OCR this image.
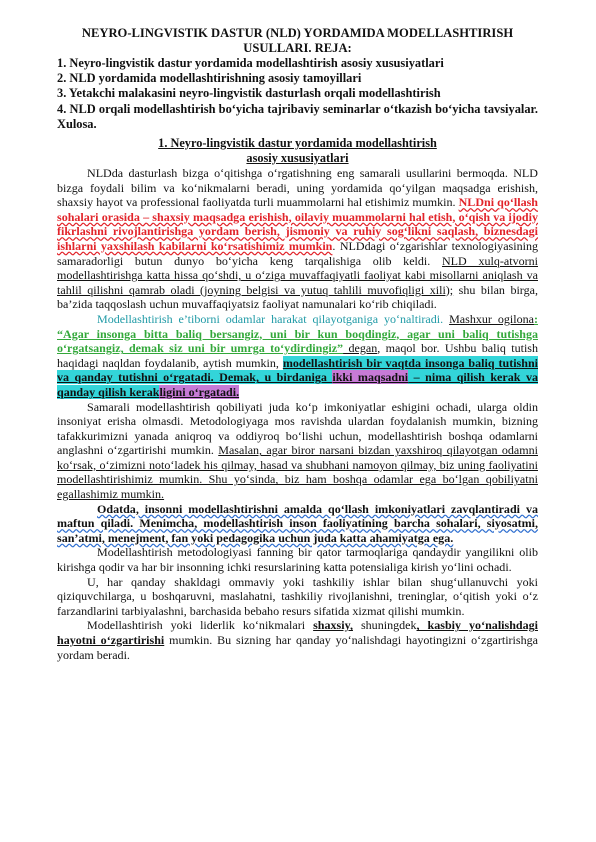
NEYRO-LINGVISTIK DASTUR (NLD) YORDAMIDA MODELLASHTIRISH USULLARI. REJA:
1. Neyro-lingvistik dastur yordamida modellashtirish asosiy xususiyatlari
2. NLD yordamida modellashtirishning asosiy tamoyillari
3. Yetakchi malakasini neyro-lingvistik dasturlash orqali modellashtirish
4. NLD orqali modellashtirish bo‘yicha tajribaviy seminarlar o‘tkazish bo‘yicha tavsiyalar. Xulosa.
1. Neyro-lingvistik dastur yordamida modellashtirish
asosiy xususiyatlari

NLDda dasturlash bizga o‘qitishga o‘rgatishning eng samarali usullarini bermoqda. NLD bizga foydali bilim va ko‘nikmalarni beradi, uning yordamida qo‘yilgan maqsadga erishish, shaxsiy hayot va professional faoliyatda turli muammolarni hal etishimiz mumkin. NLDni qo‘llash sohalari orasida – shaxsiy maqsadga erishish, oilaviy muammolarni hal etish, o‘qish va ijodiy fikrlashni rivojlantirishga yordam berish, jismoniy va ruhiy sog‘likni saqlash, biznesdagi ishlarni yaxshilash kabilarni ko‘rsatishimiz mumkin. NLDdagi o‘zgarishlar texnologiyasining samaradorligi butun dunyo bo‘yicha keng tarqalishiga olib keldi. NLD xulq-atvorni modellashtirishga katta hissa qo‘shdi, u o‘ziga muvaffaqiyatli faoliyat kabi misollarni aniqlash va tahlil qilishni qamrab oladi (joyning belgisi va yutuq tahlili muvofiqligi xili); shu bilan birga, ba’zida taqqoslash uchun muvaffaqiyatsiz faoliyat namunalari ko‘rib chiqiladi.

Modellashtirish e’tiborni odamlar harakat qilayotganiga yo‘naltiradi. Mashxur ogilona: “Agar insonga bitta baliq bersangiz, uni bir kun boqdingiz, agar uni baliq tutishga o‘rgatsangiz, demak siz uni bir umrga to‘ydirdingiz” degan, maqol bor. Ushbu baliq tutish haqidagi naqldan foydalanib, aytish mumkin, modellashtirish bir vaqtda insonga baliq tutishni va qanday tutishni o‘rgatadi. Demak, u birdaniga ikki maqsadni – nima qilish kerak va qanday qilish kerakligini o‘rgatadi.

Samarali modellashtirish qobiliyati juda ko‘p imkoniyatlar eshigini ochadi, ularga oldin insoniyat erisha olmasdi. Metodologiyaga mos ravishda ulardan foydalanish mumkin, bizning tafakkurimizni yanada aniqroq va oddiyroq bo‘lishi uchun, modellashtirish boshqa odamlarni anglashni o‘zgartirishi mumkin. Masalan, agar biror narsani bizdan yaxshiroq qilayotgan odamni ko‘rsak, o‘zimizni noto‘ladek his qilmay, hasad va shubhani namoyon qilmay, biz uning faoliyatini modellashtirishimiz mumkin. Shu yo‘sinda, biz ham boshqa odamlar ega bo‘lgan qobiliyatni egallashimiz mumkin.

Odatda, insonni modellashtirishni amalda qo‘llash imkoniyatlari zavqlantiradi va maftun qiladi. Menimcha, modellashtirish inson faoliyatining barcha sohalari, siyosatmi, san’atmi, menejment, fan yoki pedagogika uchun juda katta ahamiyatga ega.

Modellashtirish metodologiyasi fanning bir qator tarmoqlariga qandaydir yangilikni olib kirishga qodir va har bir insonning ichki resurslarining katta potensialiga kirish yo‘lini ochadi.

U, har qanday shakldagi ommaviy yoki tashkiliy ishlar bilan shug‘ullanuvchi yoki qiziquvchilarga, u boshqaruvni, maslahatni, tashkiliy rivojlanishni, treninglar, o‘qitish yoki o‘z farzandlarini tarbiyalashni, barchasida bebaho resurs sifatida xizmat qilishi mumkin.

Modellashtirish yoki liderlik ko‘nikmalari shaxsiy, shuningdek, kasbiy yo‘nalishdagi hayotni o‘zgartirishi mumkin. Bu sizning har qanday yo‘nalishdagi hayotingizni o‘zgartirishga yordam beradi.
